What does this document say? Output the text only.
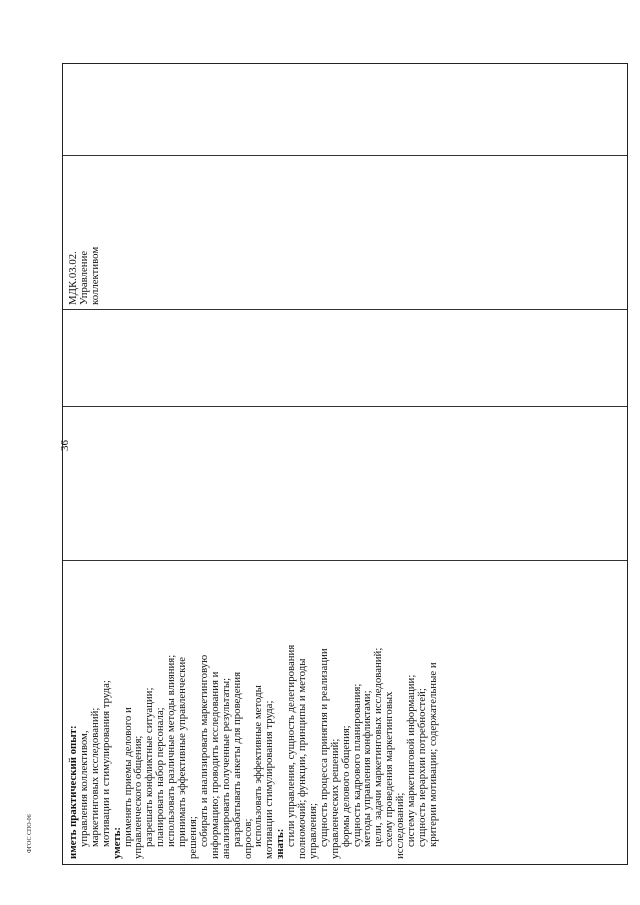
36
иметь практический опыт:
управления коллективом,
маркетинговых исследований;
мотивации и стимулирования труда;
уметь:
применять приемы делового и
управленческого общения;
разрешать конфликтные ситуации;
планировать набор персонала;
использовать различные методы влияния;
принимать эффективные управленческие
решения;
собирать и анализировать маркетинговую
информацию; проводить исследования и
анализировать полученные результаты;
разрабатывать анкеты для проведения
опросов;
использовать эффективные методы
мотивации стимулирования труда;
знать:
стили управления, сущность делегирования
полномочий; функции, принципы и методы
управления;
сущность процесса принятия и реализации
управленческих решений;
формы делового общения;
сущность кадрового планирования;
методы управления конфликтами;
цели, задачи маркетинговых исследований;
схему проведения маркетинговых
исследований;
систему маркетинговой информации;
сущность иерархии потребностей;
критерии мотивации; содержательные и
МДК.03.02. Управление коллективом
ФГОС СПО-06
